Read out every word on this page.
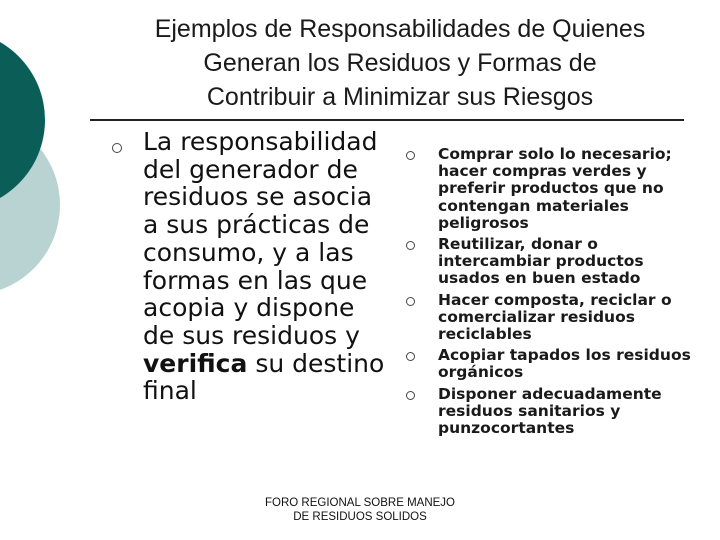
Ejemplos de Responsabilidades de Quienes
Generan los Residuos y Formas de
Contribuir a Minimizar sus Riesgos
La responsabilidad del generador de residuos se asocia a sus prácticas de consumo, y a las formas en las que acopia y dispone de sus residuos y verifica su destino final
Comprar solo lo necesario; hacer compras verdes y preferir productos que no contengan materiales peligrosos
Reutilizar, donar o intercambiar productos usados en buen estado
Hacer composta, reciclar o comercializar residuos reciclables
Acopiar tapados los residuos orgánicos
Disponer adecuadamente residuos sanitarios y punzocortantes
FORO REGIONAL SOBRE MANEJO
DE RESIDUOS SOLIDOS
